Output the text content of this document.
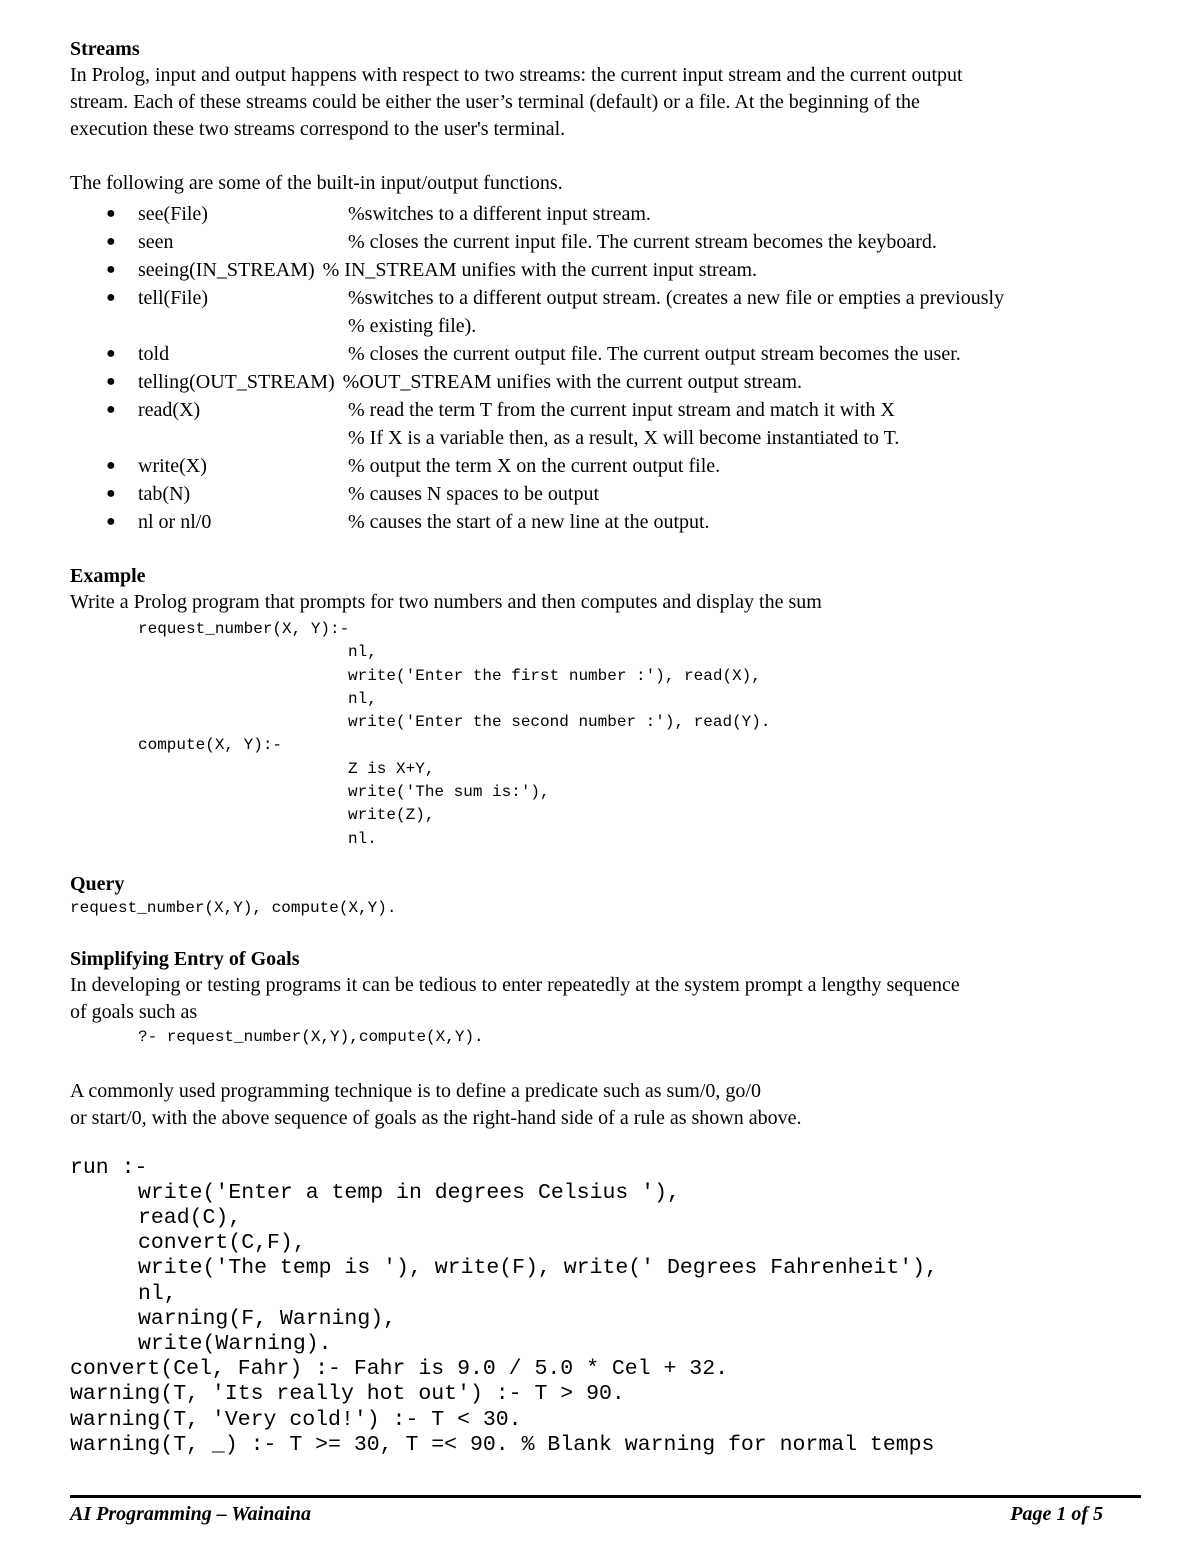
Streams

In Prolog, input and output happens with respect to two streams: the current input stream and the current output

stream. Each of these streams could be either the user’s terminal (default) or a file. At the beginning of the

execution these two streams correspond to the user's terminal.

The following are some of the built-in input/output functions.

● see(File)	%switches to a different input stream.
● seen	% closes the current input file. The current stream becomes the keyboard.
● seeing(IN_STREAM) % IN_STREAM unifies with the current input stream.
● tell(File)	%switches to a different output stream. (creates a new file or empties a previously
% existing file).
● told	% closes the current output file. The current output stream becomes the user.
● telling(OUT_STREAM) %OUT_STREAM unifies with the current output stream.
● read(X)	% read the term T from the current input stream and match it with X
% If X is a variable then, as a result, X will become instantiated to T.
● write(X)	% output the term X on the current output file.
● tab(N)	% causes N spaces to be output
● nl or nl/0	% causes the start of a new line at the output.

Example

Write a Prolog program that prompts for two numbers and then computes and display the sum

request_number(X, Y):-
nl,
write('Enter the first number :'), read(X),
nl,
write('Enter the second number :'), read(Y).
compute(X, Y):-
Z is X+Y,
write('The sum is:'),
write(Z),
nl.

Query

request_number(X,Y), compute(X,Y).

Simplifying Entry of Goals

In developing or testing programs it can be tedious to enter repeatedly at the system prompt a lengthy sequence

of goals such as

?- request_number(X,Y),compute(X,Y).

A commonly used programming technique is to define a predicate such as sum/0, go/0

or start/0, with the above sequence of goals as the right-hand side of a rule as shown above.

run :-
write('Enter a temp in degrees Celsius '),
read(C),
convert(C,F),
write('The temp is '), write(F), write(' Degrees Fahrenheit'),
nl,
warning(F, Warning),
write(Warning).
convert(Cel, Fahr) :- Fahr is 9.0 / 5.0 * Cel + 32.
warning(T, 'Its really hot out') :- T > 90.
warning(T, 'Very cold!') :- T < 30.
warning(T, _) :- T >= 30, T =< 90. % Blank warning for normal temps
AI Programming – Wainaina	Page 1 of 5
